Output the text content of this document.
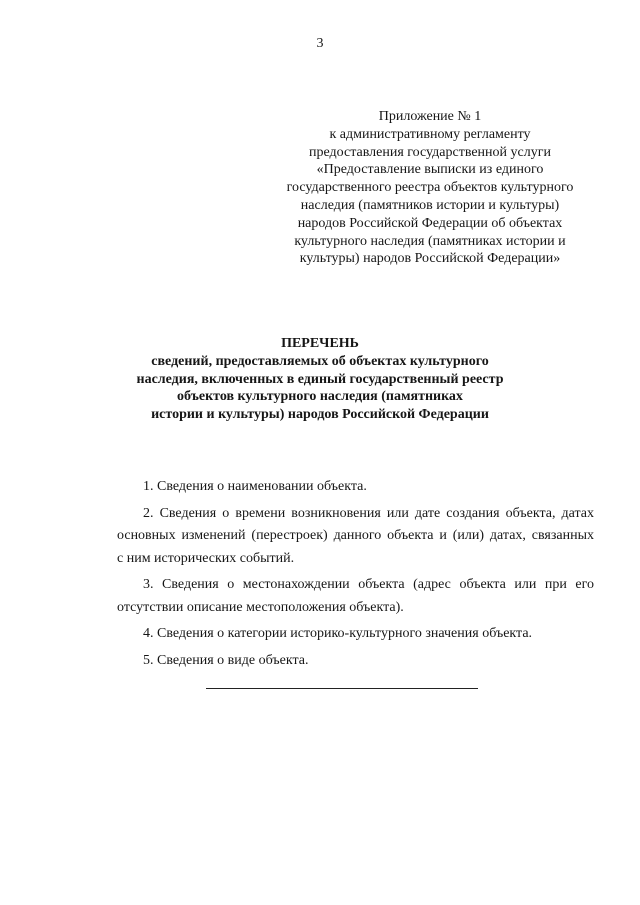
3
Приложение № 1
к административному регламенту
предоставления государственной услуги
«Предоставление выписки из единого
государственного реестра объектов культурного
наследия (памятников истории и культуры)
народов Российской Федерации об объектах
культурного наследия (памятниках истории и
культуры) народов Российской Федерации»
ПЕРЕЧЕНЬ
сведений, предоставляемых об объектах культурного
наследия, включенных в единый государственный реестр
объектов культурного наследия (памятниках
истории и культуры) народов Российской Федерации
1. Сведения о наименовании объекта.
2. Сведения о времени возникновения или дате создания объекта, датах
основных изменений (перестроек) данного объекта и (или) датах, связанных
с ним исторических событий.
3. Сведения о местонахождении объекта (адрес объекта или при его
отсутствии описание местоположения объекта).
4. Сведения о категории историко-культурного значения объекта.
5. Сведения о виде объекта.
